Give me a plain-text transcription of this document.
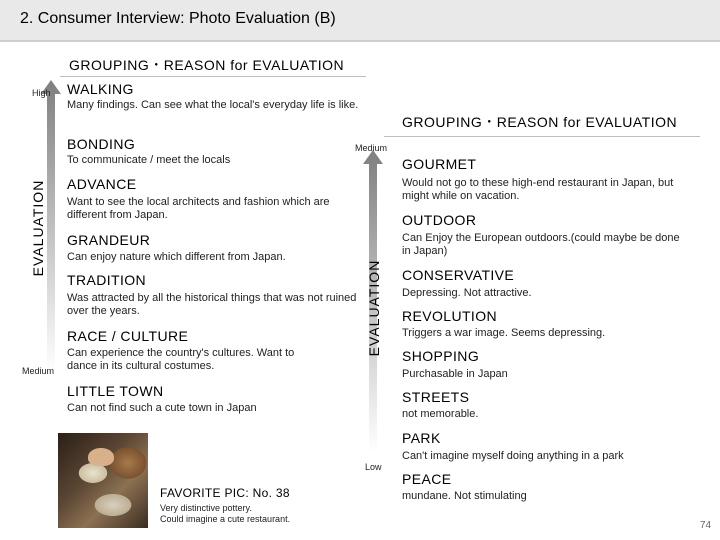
2. Consumer Interview: Photo Evaluation (B)
GROUPING・REASON for EVALUATION
High
Medium
EVALUATION
WALKING
Many findings. Can see what the local's everyday life is like.
BONDING
To communicate / meet the locals
ADVANCE
Want to see the local architects and fashion which are different from Japan.
GRANDEUR
Can enjoy nature which different from Japan.
TRADITION
Was attracted by all the historical things that was not ruined over the years.
RACE / CULTURE
Can experience the country's cultures. Want to dance in its cultural costumes.
LITTLE TOWN
Can not find such a cute town in Japan
GROUPING・REASON for EVALUATION
Medium
Low
EVALUATION
GOURMET
Would not go to these high-end restaurant in Japan, but might while on vacation.
OUTDOOR
Can Enjoy the European outdoors.(could maybe be done in Japan)
CONSERVATIVE
Depressing. Not attractive.
REVOLUTION
Triggers a war image. Seems depressing.
SHOPPING
Purchasable in Japan
STREETS
not memorable.
PARK
Can't imagine myself doing anything in a park
PEACE
mundane. Not stimulating
FAVORITE PIC: No. 38
Very distinctive pottery.
Could imagine a cute restaurant.
74
